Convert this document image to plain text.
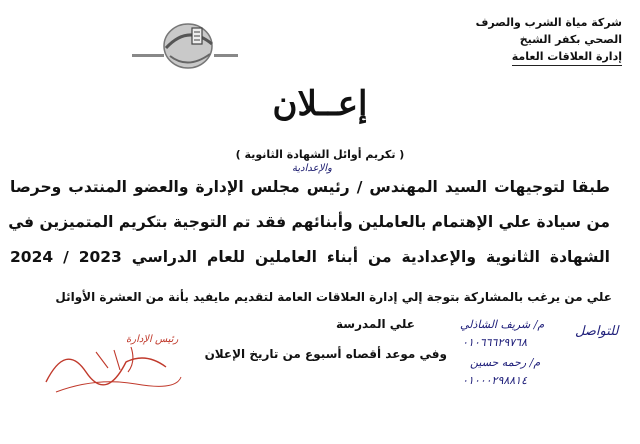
شركة مياة الشرب والصرف
الصحي بكفر الشيخ
إدارة العلاقات العامة
إعــلان
( تكريم أوائل الشهادة الثانوية )
والإعدادية
طبقا لتوجيهات السيد المهندس / رئيس مجلس الإدارة والعضو المنتدب وحرصا
من سيادة علي الإهتمام بالعاملين وأبنائهم فقد تم التوجية بتكريم المتميزين في
الشهادة الثانوية والإعدادية من أبناء العاملين للعام الدراسي 2023 / 2024
علي من يرغب بالمشاركة بتوجة إلي إدارة العلاقات العامة لتقديم مايفيد بأنة من العشرة الأوائل
علي المدرسة
وفي موعد أقصاه أسبوع من تاريخ الإعلان
للتواصل
م/ شريف الشاذلي
٠١٠٦٦٦٢٩٧٦٨
م/ رحمه حسين
٠١٠٠٠٢٩٨٨١٤
رئيس الإدارة
